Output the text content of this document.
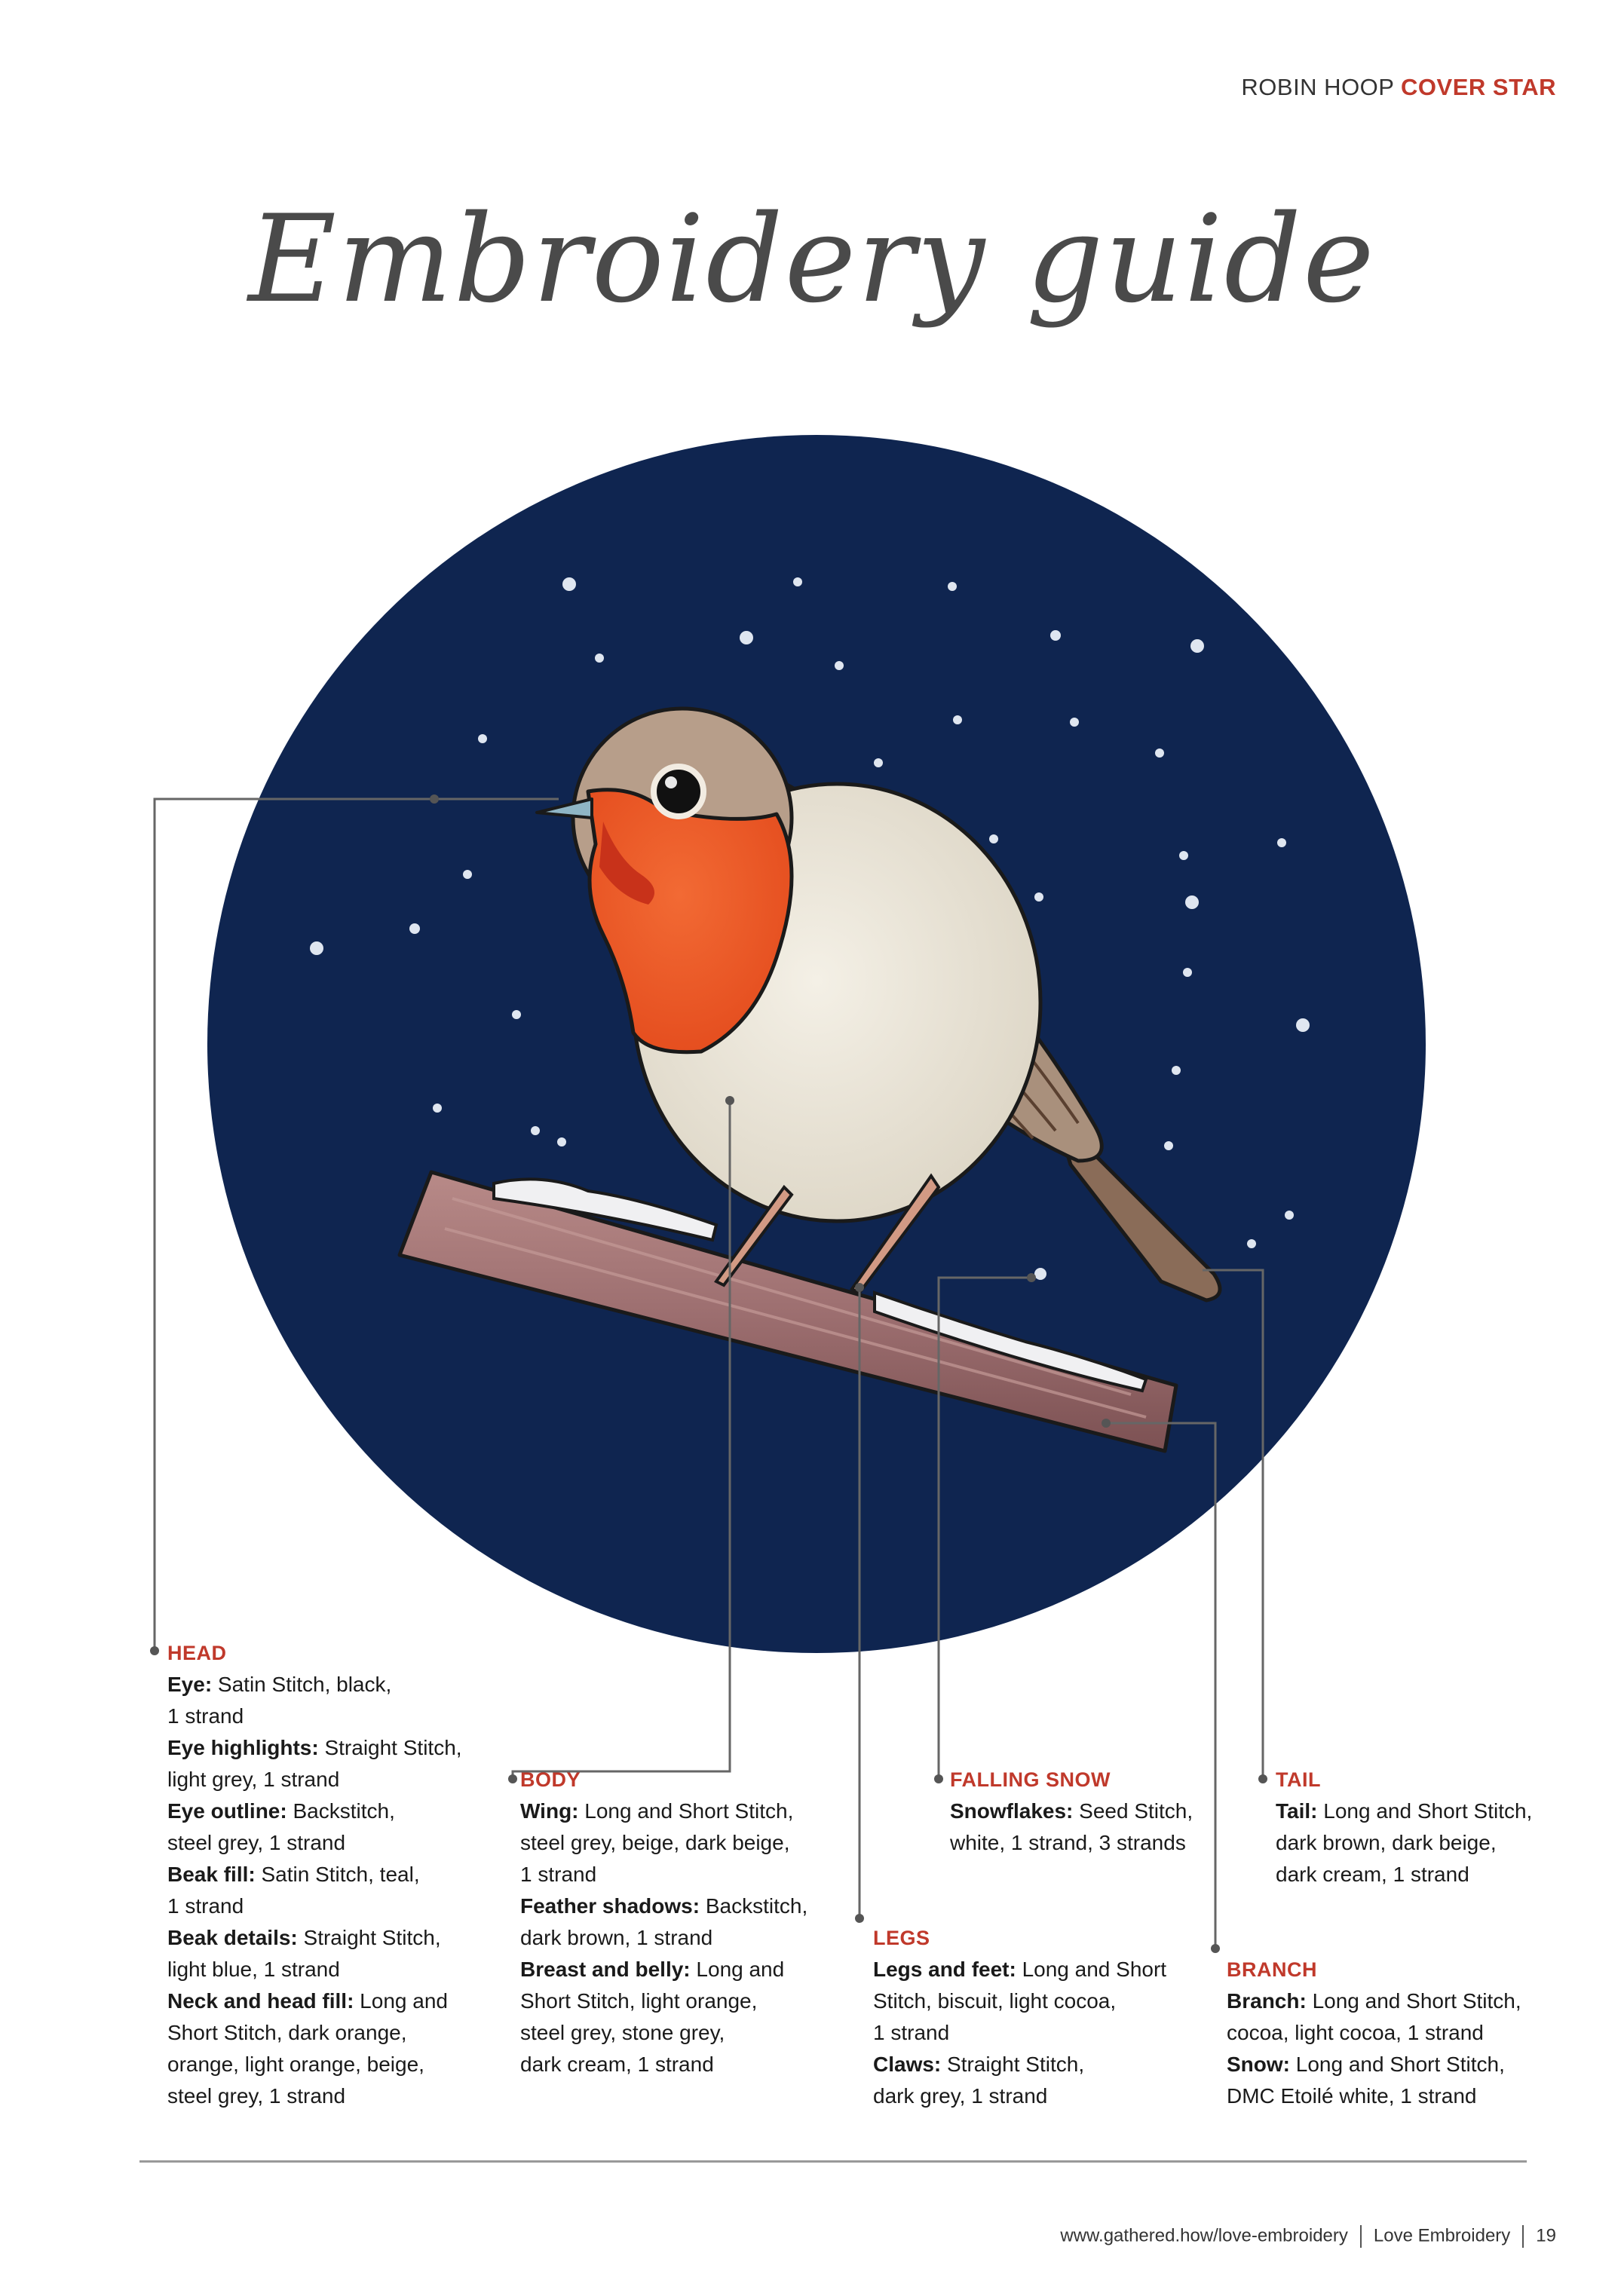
ROBIN HOOP COVER STAR
Embroidery guide
HEAD
Eye: Satin Stitch, black,
1 strand
Eye highlights: Straight Stitch,
light grey, 1 strand
Eye outline: Backstitch,
steel grey, 1 strand
Beak fill: Satin Stitch, teal,
1 strand
Beak details: Straight Stitch,
light blue, 1 strand
Neck and head fill: Long and
Short Stitch, dark orange,
orange, light orange, beige,
steel grey, 1 strand
BODY
Wing: Long and Short Stitch,
steel grey, beige, dark beige,
1 strand
Feather shadows: Backstitch,
dark brown, 1 strand
Breast and belly: Long and
Short Stitch, light orange,
steel grey, stone grey,
dark cream, 1 strand
LEGS
Legs and feet: Long and Short
Stitch, biscuit, light cocoa,
1 strand
Claws: Straight Stitch,
dark grey, 1 strand
FALLING SNOW
Snowflakes: Seed Stitch,
white, 1 strand, 3 strands
TAIL
Tail: Long and Short Stitch,
dark brown, dark beige,
dark cream, 1 strand
BRANCH
Branch: Long and Short Stitch,
cocoa, light cocoa, 1 strand
Snow: Long and Short Stitch,
DMC Etoilé white, 1 strand
www.gathered.how/love-embroidery Love Embroidery 19
